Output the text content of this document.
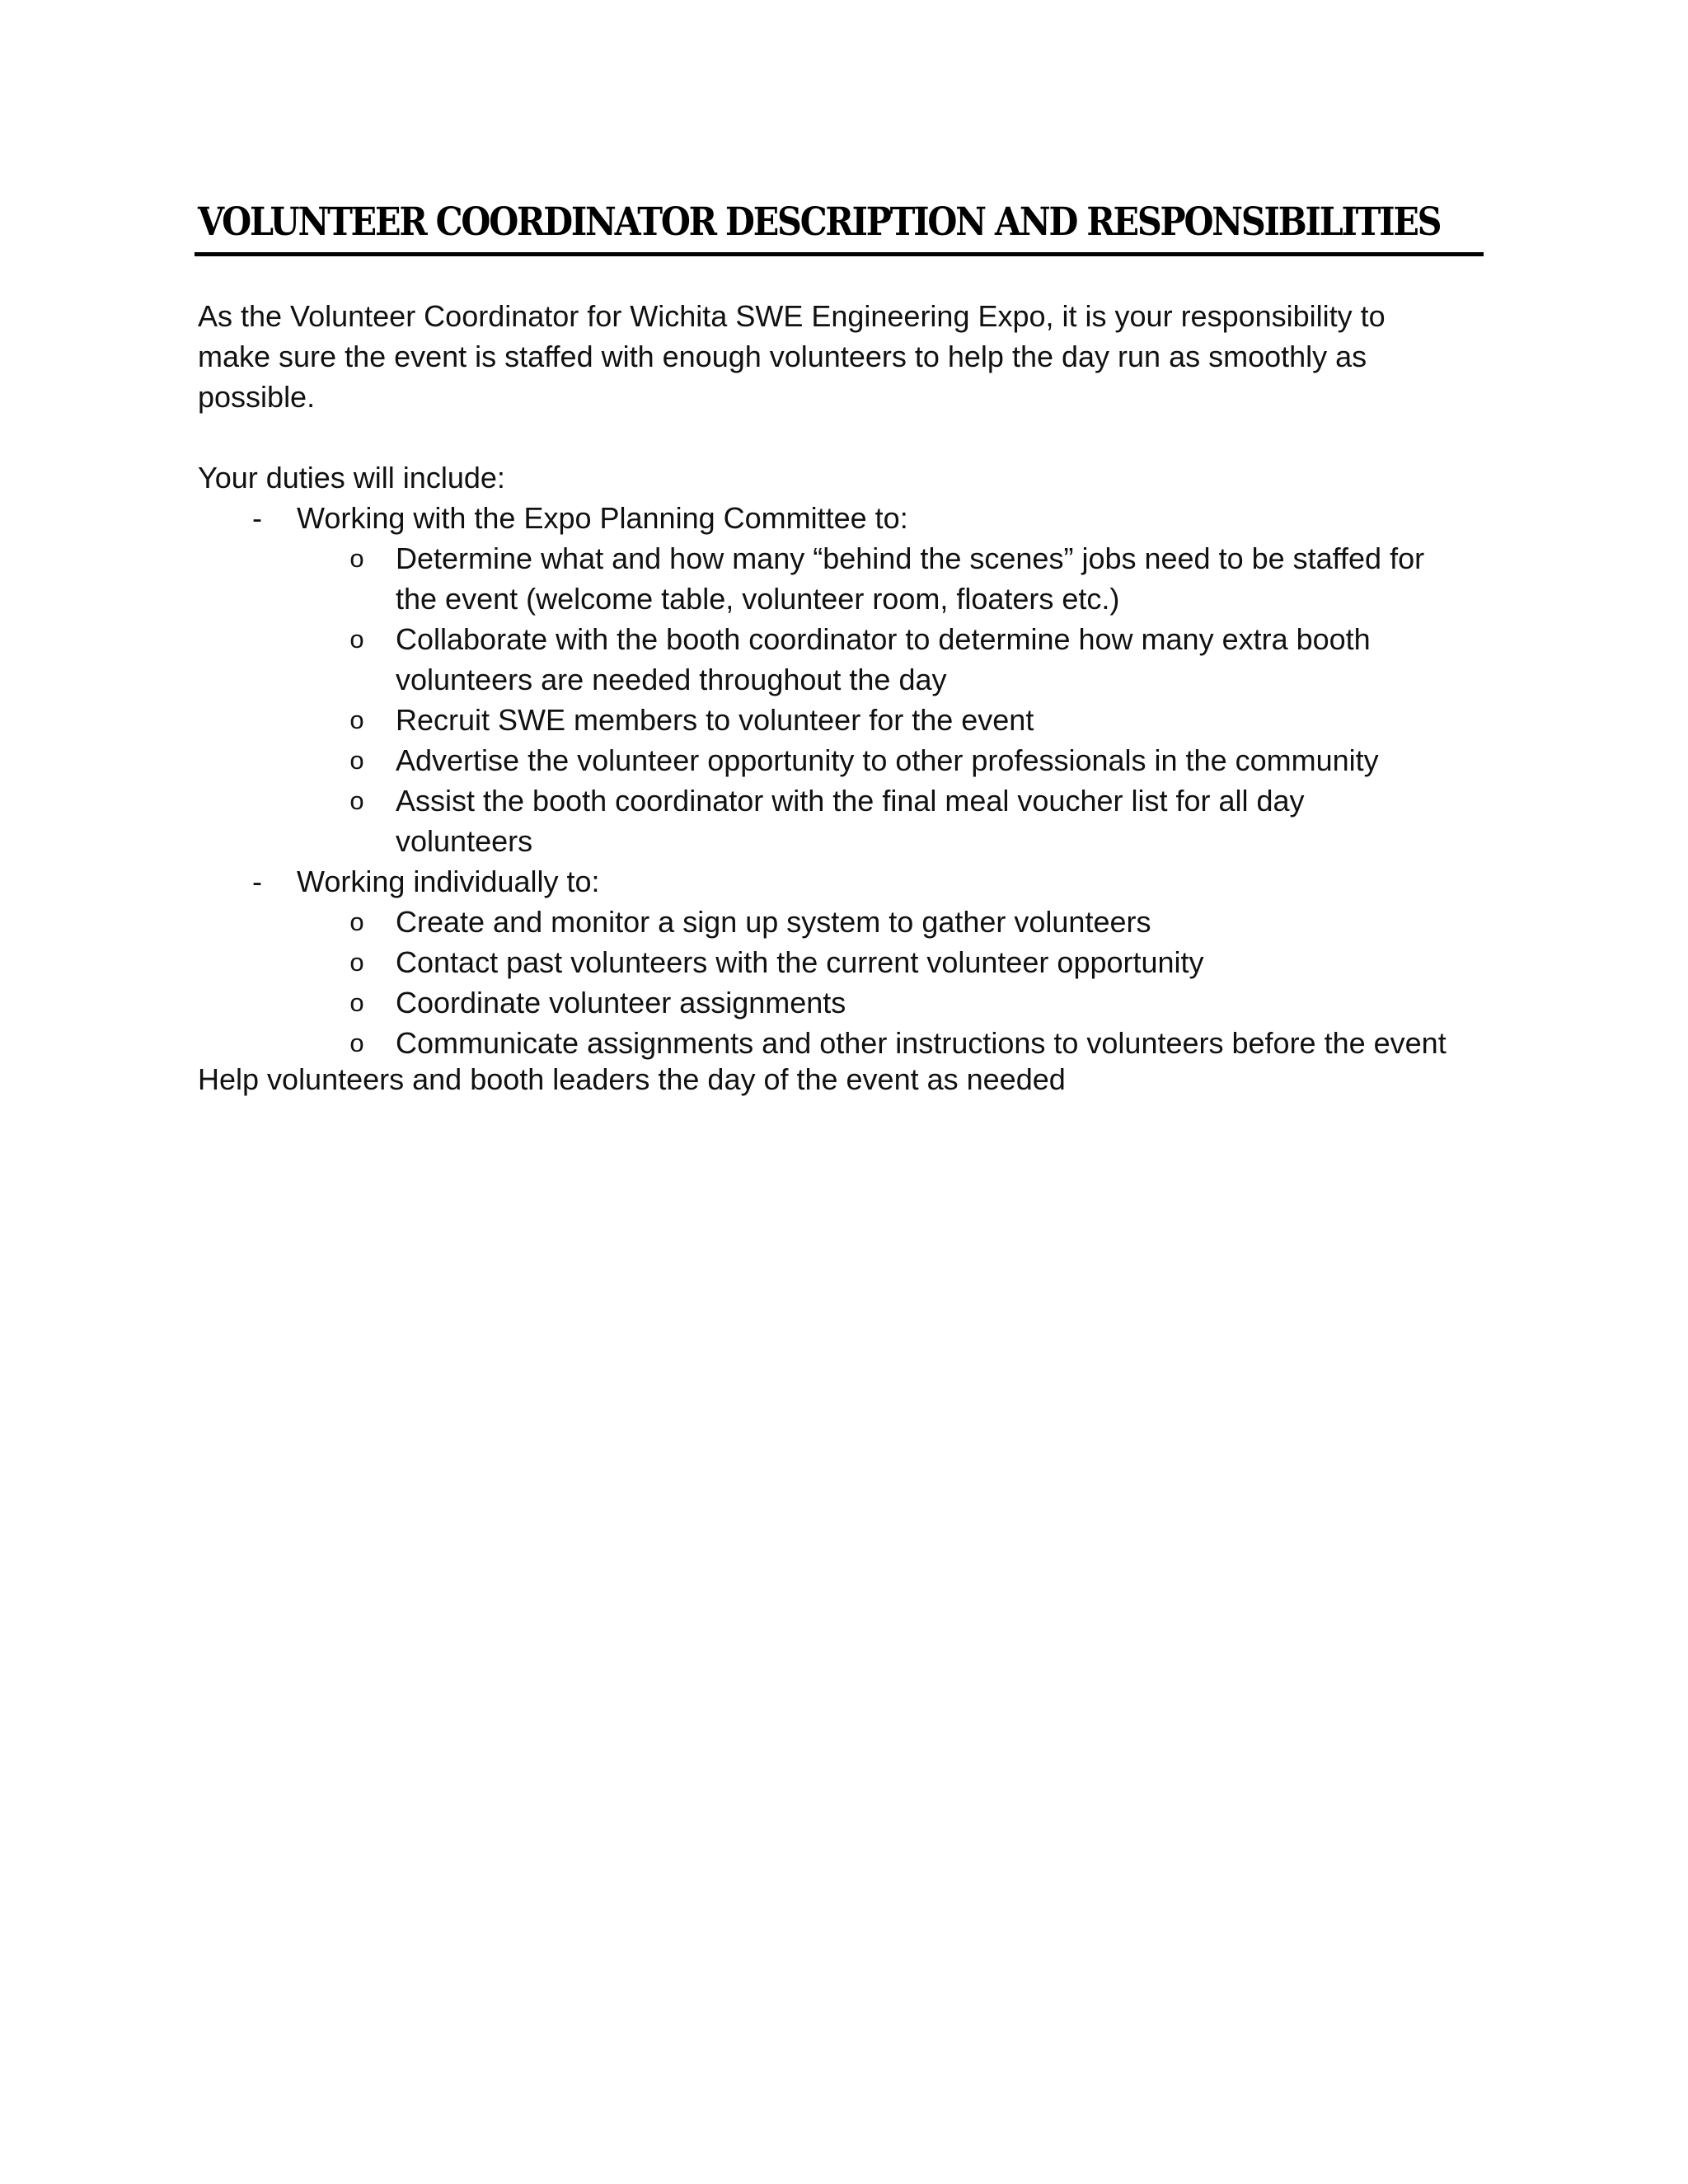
VOLUNTEER COORDINATOR DESCRIPTION AND RESPONSIBILITIES
As the Volunteer Coordinator for Wichita SWE Engineering Expo, it is your responsibility to
make sure the event is staffed with enough volunteers to help the day run as smoothly as
possible.
Your duties will include:
- Working with the Expo Planning Committee to:
o Determine what and how many “behind the scenes” jobs need to be staffed for
the event (welcome table, volunteer room, floaters etc.)
o Collaborate with the booth coordinator to determine how many extra booth
volunteers are needed throughout the day
o Recruit SWE members to volunteer for the event
o Advertise the volunteer opportunity to other professionals in the community
o Assist the booth coordinator with the final meal voucher list for all day
volunteers
- Working individually to:
o Create and monitor a sign up system to gather volunteers
o Contact past volunteers with the current volunteer opportunity
o Coordinate volunteer assignments
o Communicate assignments and other instructions to volunteers before the event
Help volunteers and booth leaders the day of the event as needed
